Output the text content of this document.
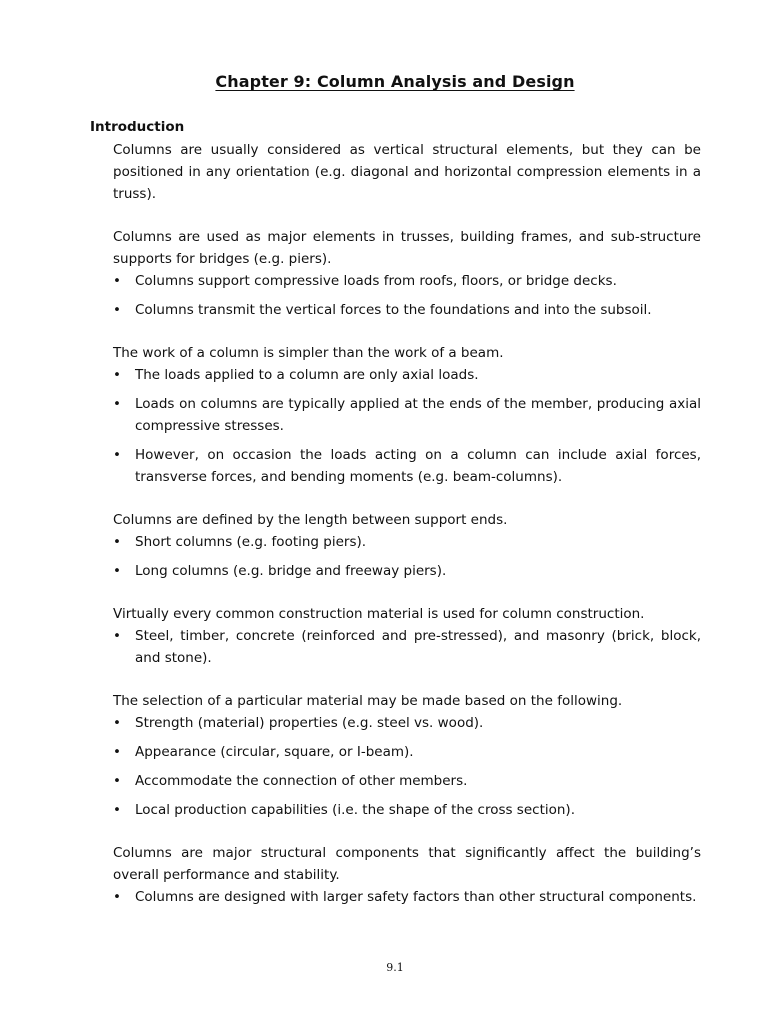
Chapter 9: Column Analysis and Design
Introduction

Columns are usually considered as vertical structural elements, but they can be positioned in any orientation (e.g. diagonal and horizontal compression elements in a truss).

Columns are used as major elements in trusses, building frames, and sub-structure supports for bridges (e.g. piers).

• Columns support compressive loads from roofs, floors, or bridge decks.
• Columns transmit the vertical forces to the foundations and into the subsoil.

The work of a column is simpler than the work of a beam.

• The loads applied to a column are only axial loads.
• Loads on columns are typically applied at the ends of the member, producing axial compressive stresses.
• However, on occasion the loads acting on a column can include axial forces, transverse forces, and bending moments (e.g. beam-columns).

Columns are defined by the length between support ends.

• Short columns (e.g. footing piers).
• Long columns (e.g. bridge and freeway piers).

Virtually every common construction material is used for column construction.

• Steel, timber, concrete (reinforced and pre-stressed), and masonry (brick, block, and stone).

The selection of a particular material may be made based on the following.

• Strength (material) properties (e.g. steel vs. wood).
• Appearance (circular, square, or I-beam).
• Accommodate the connection of other members.
• Local production capabilities (i.e. the shape of the cross section).

Columns are major structural components that significantly affect the building’s overall performance and stability.

• Columns are designed with larger safety factors than other structural components.
9.1
